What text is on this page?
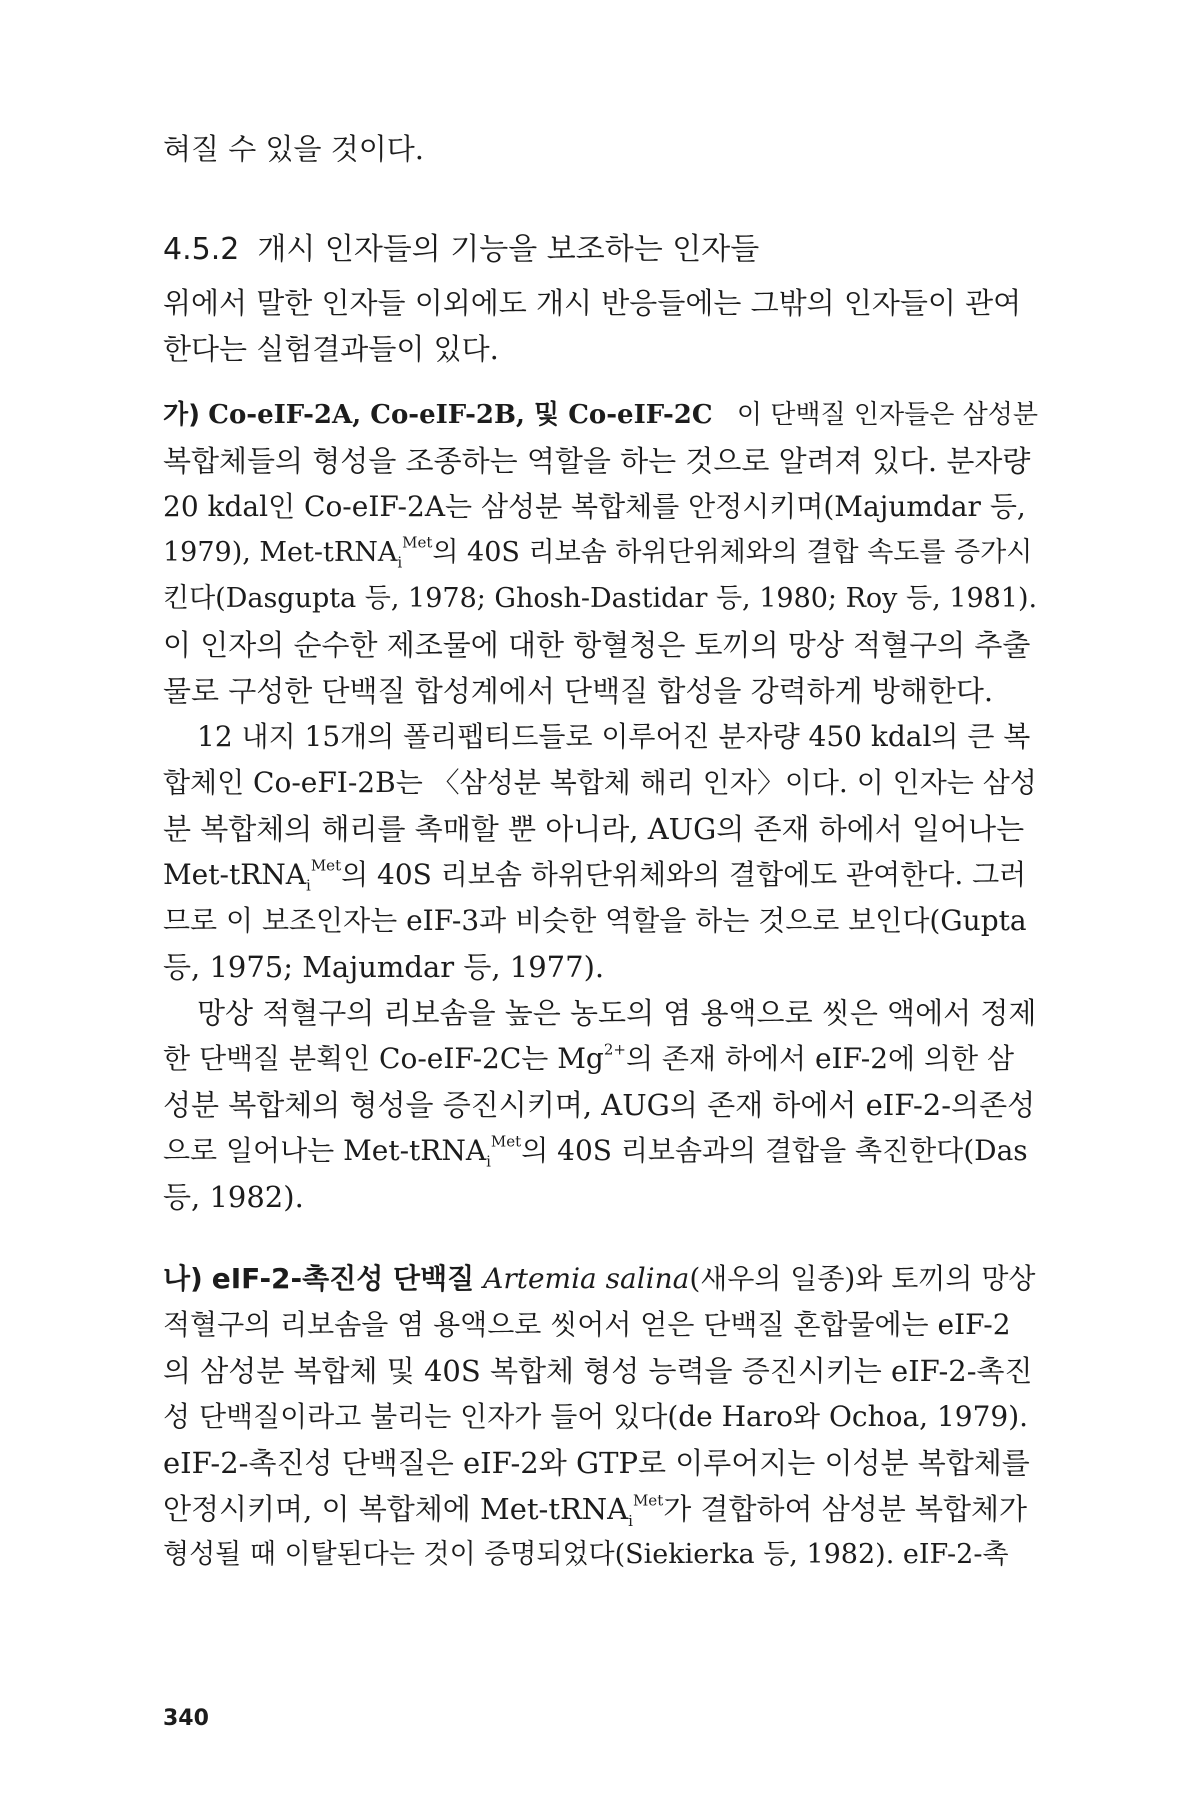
혀질 수 있을 것이다.
4.5.2 개시 인자들의 기능을 보조하는 인자들
위에서 말한 인자들 이외에도 개시 반응들에는 그밖의 인자들이 관여
한다는 실험결과들이 있다.
가) Co-eIF-2A, Co-eIF-2B, 및 Co-eIF-2C 이 단백질 인자들은 삼성분
복합체들의 형성을 조종하는 역할을 하는 것으로 알려져 있다. 분자량
20 kdal인 Co-eIF-2A는 삼성분 복합체를 안정시키며(Majumdar 등,
1979), Met-tRNA$_i^{Met}$의 40S 리보솜 하위단위체와의 결합 속도를 증가시
킨다(Dasgupta 등, 1978; Ghosh-Dastidar 등, 1980; Roy 등, 1981).
이 인자의 순수한 제조물에 대한 항혈청은 토끼의 망상 적혈구의 추출
물로 구성한 단백질 합성계에서 단백질 합성을 강력하게 방해한다.
12 내지 15개의 폴리펩티드들로 이루어진 분자량 450 kdal의 큰 복
합체인 Co-eFI-2B는 〈삼성분 복합체 해리 인자〉이다. 이 인자는 삼성
분 복합체의 해리를 촉매할 뿐 아니라, AUG의 존재 하에서 일어나는
Met-tRNA$_i^{Met}$의 40S 리보솜 하위단위체와의 결합에도 관여한다. 그러
므로 이 보조인자는 eIF-3과 비슷한 역할을 하는 것으로 보인다(Gupta
등, 1975; Majumdar 등, 1977).
망상 적혈구의 리보솜을 높은 농도의 염 용액으로 씻은 액에서 정제
한 단백질 분획인 Co-eIF-2C는 $Mg^{2+}$의 존재 하에서 eIF-2에 의한 삼
성분 복합체의 형성을 증진시키며, AUG의 존재 하에서 eIF-2-의존성
으로 일어나는 Met-tRNA$_i^{Met}$의 40S 리보솜과의 결합을 촉진한다(Das
등, 1982).
나) eIF-2-촉진성 단백질 Artemia salina(새우의 일종)와 토끼의 망상
적혈구의 리보솜을 염 용액으로 씻어서 얻은 단백질 혼합물에는 eIF-2
의 삼성분 복합체 및 40S 복합체 형성 능력을 증진시키는 eIF-2-촉진
성 단백질이라고 불리는 인자가 들어 있다(de Haro와 Ochoa, 1979).
eIF-2-촉진성 단백질은 eIF-2와 GTP로 이루어지는 이성분 복합체를
안정시키며, 이 복합체에 Met-tRNA$_i^{Met}$가 결합하여 삼성분 복합체가
형성될 때 이탈된다는 것이 증명되었다(Siekierka 등, 1982). eIF-2-촉
340
